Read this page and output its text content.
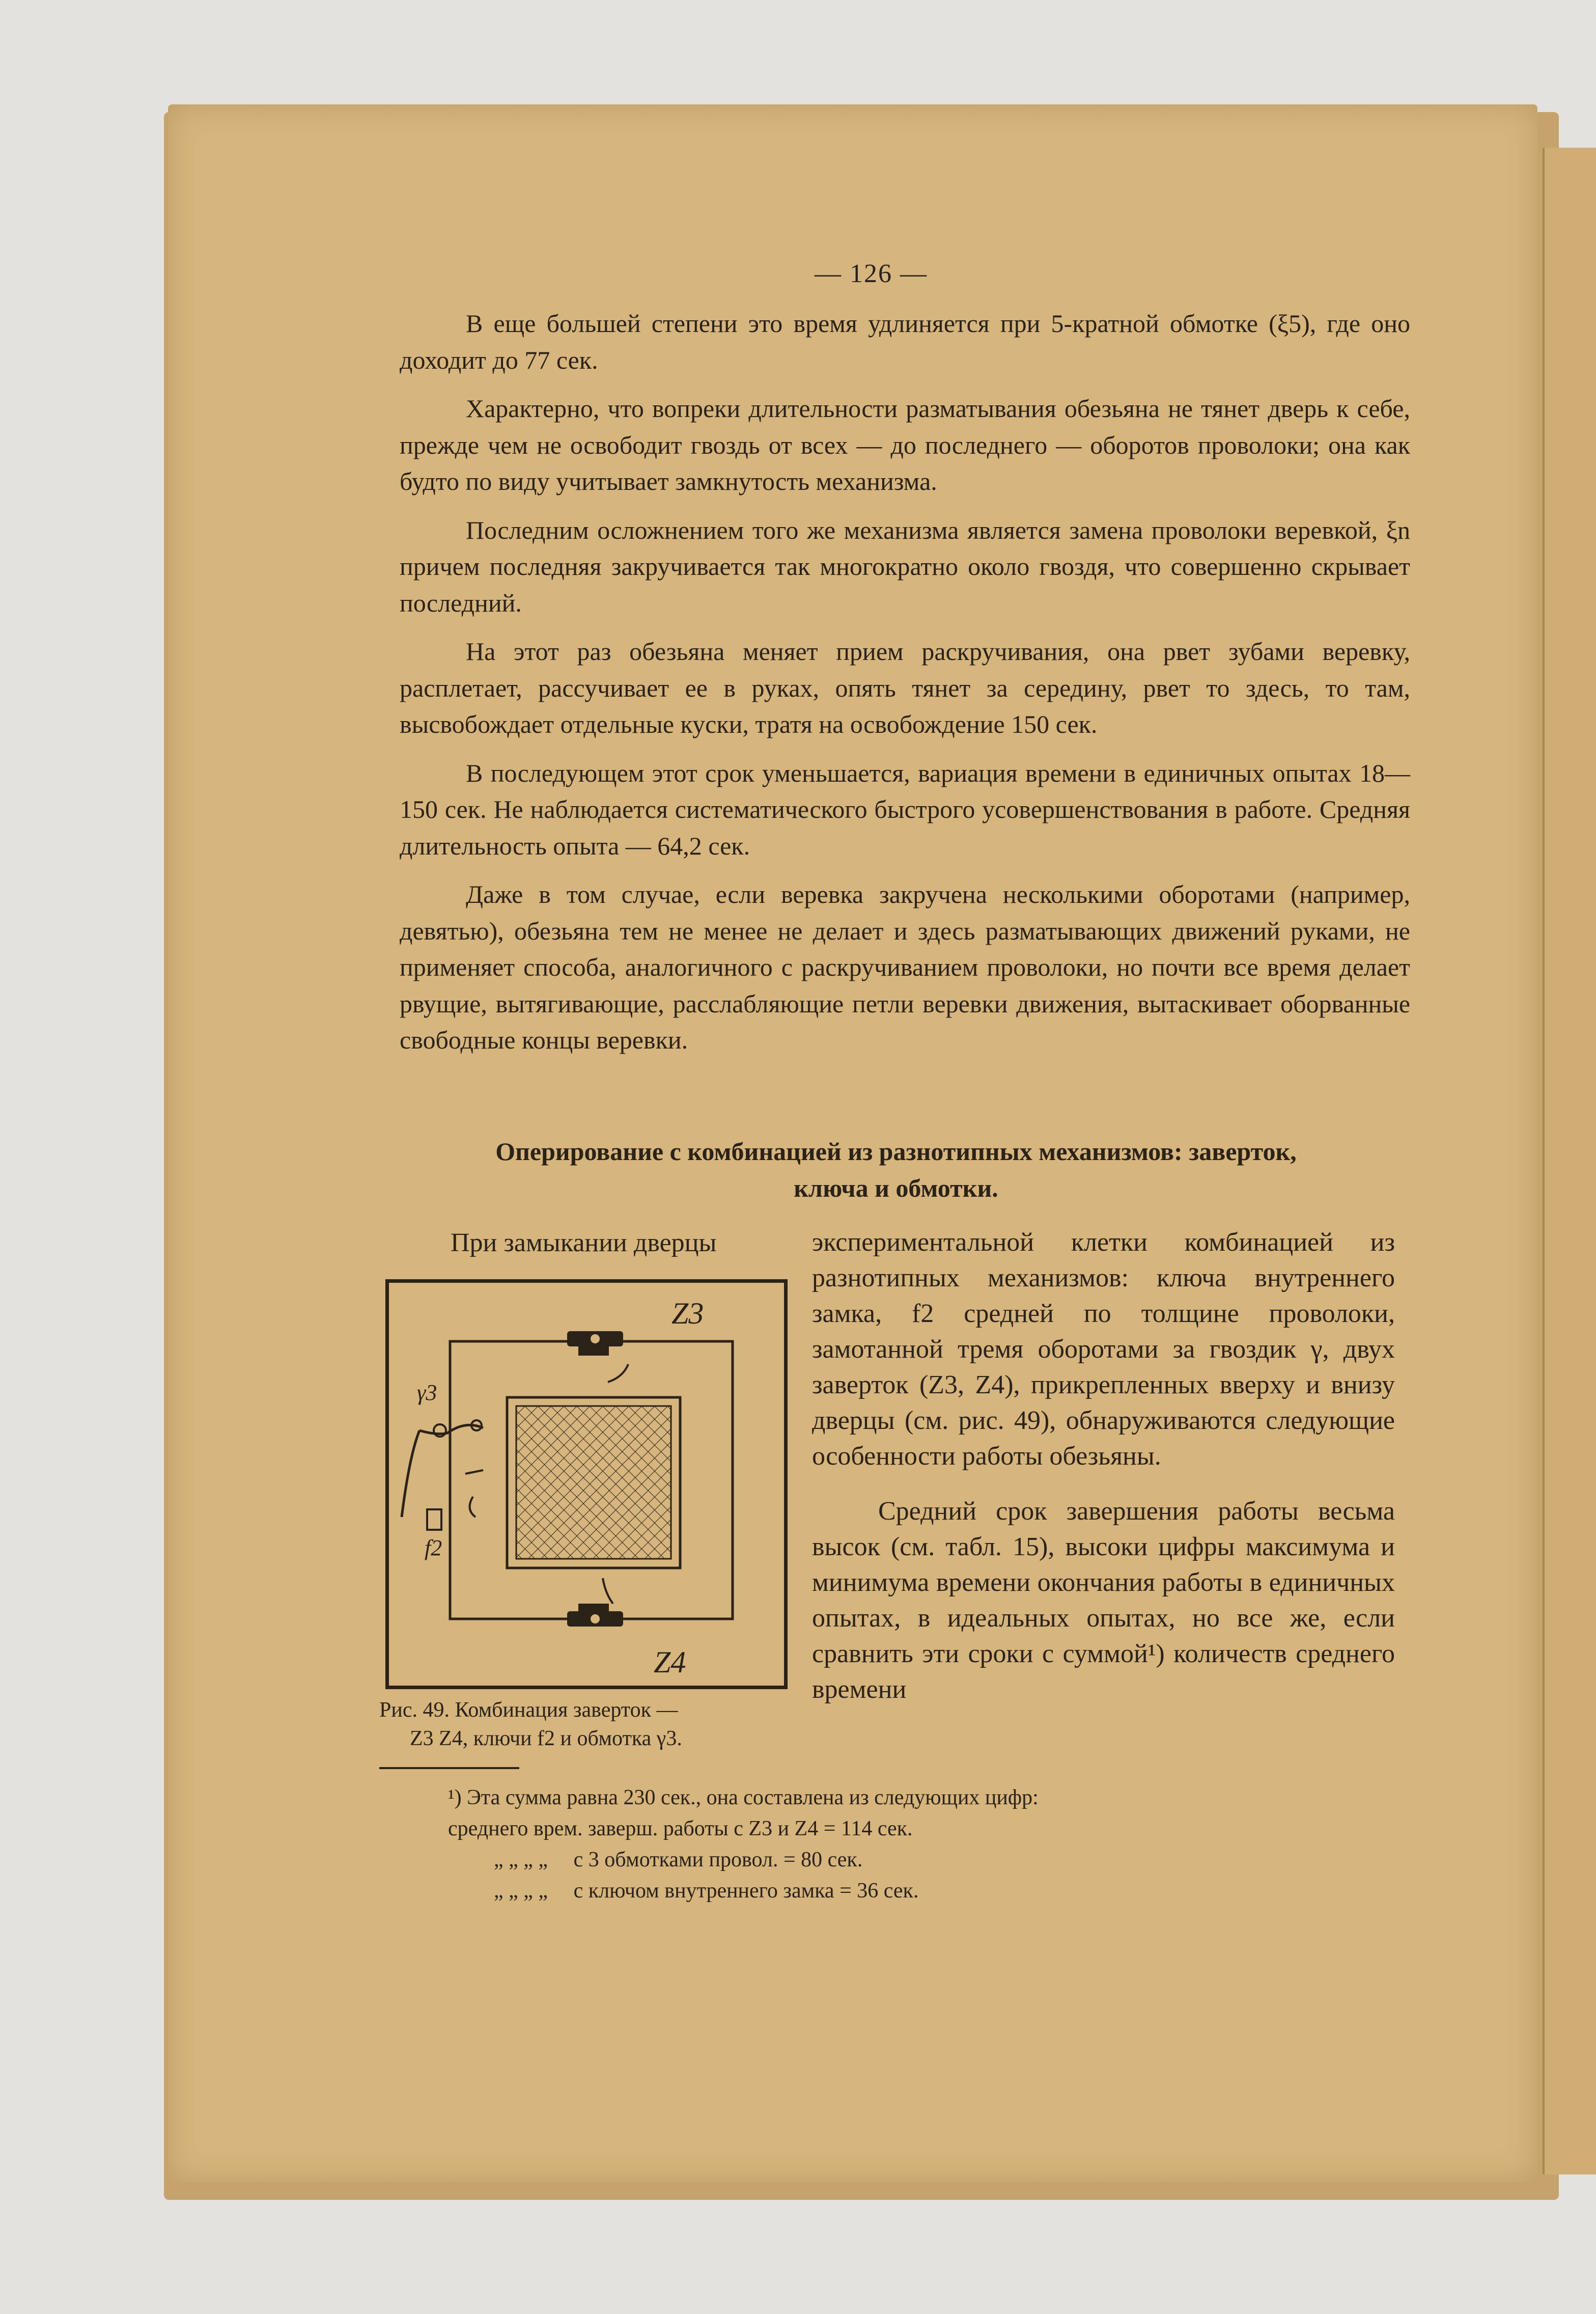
— 126 —

В еще большей степени это время удлиняется при 5-кратной обмотке (ξ5), где оно доходит до 77 сек.

Характерно, что вопреки длительности разматывания обезьяна не тянет дверь к себе, прежде чем не освободит гвоздь от всех — до последнего — оборотов проволоки; она как будто по виду учитывает замкнутость механизма.

Последним осложнением того же механизма является замена проволоки веревкой, ξn причем последняя закручивается так многократно около гвоздя, что совершенно скрывает последний.

На этот раз обезьяна меняет прием раскручивания, она рвет зубами веревку, расплетает, рассучивает ее в руках, опять тянет за середину, рвет то здесь, то там, высвобождает отдельные куски, тратя на освобождение 150 сек.

В последующем этот срок уменьшается, вариация времени в единичных опытах 18—150 сек. Не наблюдается систематического быстрого усовершенствования в работе. Средняя длительность опыта — 64,2 сек.

Даже в том случае, если веревка закручена несколькими оборотами (например, девятью), обезьяна тем не менее не делает и здесь разматывающих движений руками, не применяет способа, аналогичного с раскручиванием проволоки, но почти все время делает рвущие, вытягивающие, расслабляющие петли веревки движения, вытаскивает оборванные свободные концы веревки.

Оперирование с комбинацией из разнотипных механизмов: заверток,
ключа и обмотки.
При замыкании дверцы	экспериментальной клетки комбинацией из разнотипных механизмов: ключа внутреннего замка, f2 средней по толщине проволоки, замотанной тремя оборотами за гвоздик γ, двух заверток (Z3, Z4), прикрепленных вверху и внизу дверцы (см. рис. 49), обнаруживаются следующие особенности работы обезьяны.

Средний срок завершения работы весьма высок (см. табл. 15), высоки цифры максимума и минимума времени окончания работы в единичных опытах, в идеальных опытах, но все же, если сравнить эти сроки с суммой¹) количеств среднего времени

Z3
Z4
γ3
f2
Рис. 49. Комбинация заверток —
Z3 Z4, ключи f2 и обмотка γ3.
¹) Эта сумма равна 230 сек., она составлена из следующих цифр:
среднего врем. заверш. работы с Z3 и Z4 = 114 сек.
„ „ „ „ с 3 обмотками провол. = 80 сек.
„ „ „ „ с ключом внутреннего замка = 36 сек.
